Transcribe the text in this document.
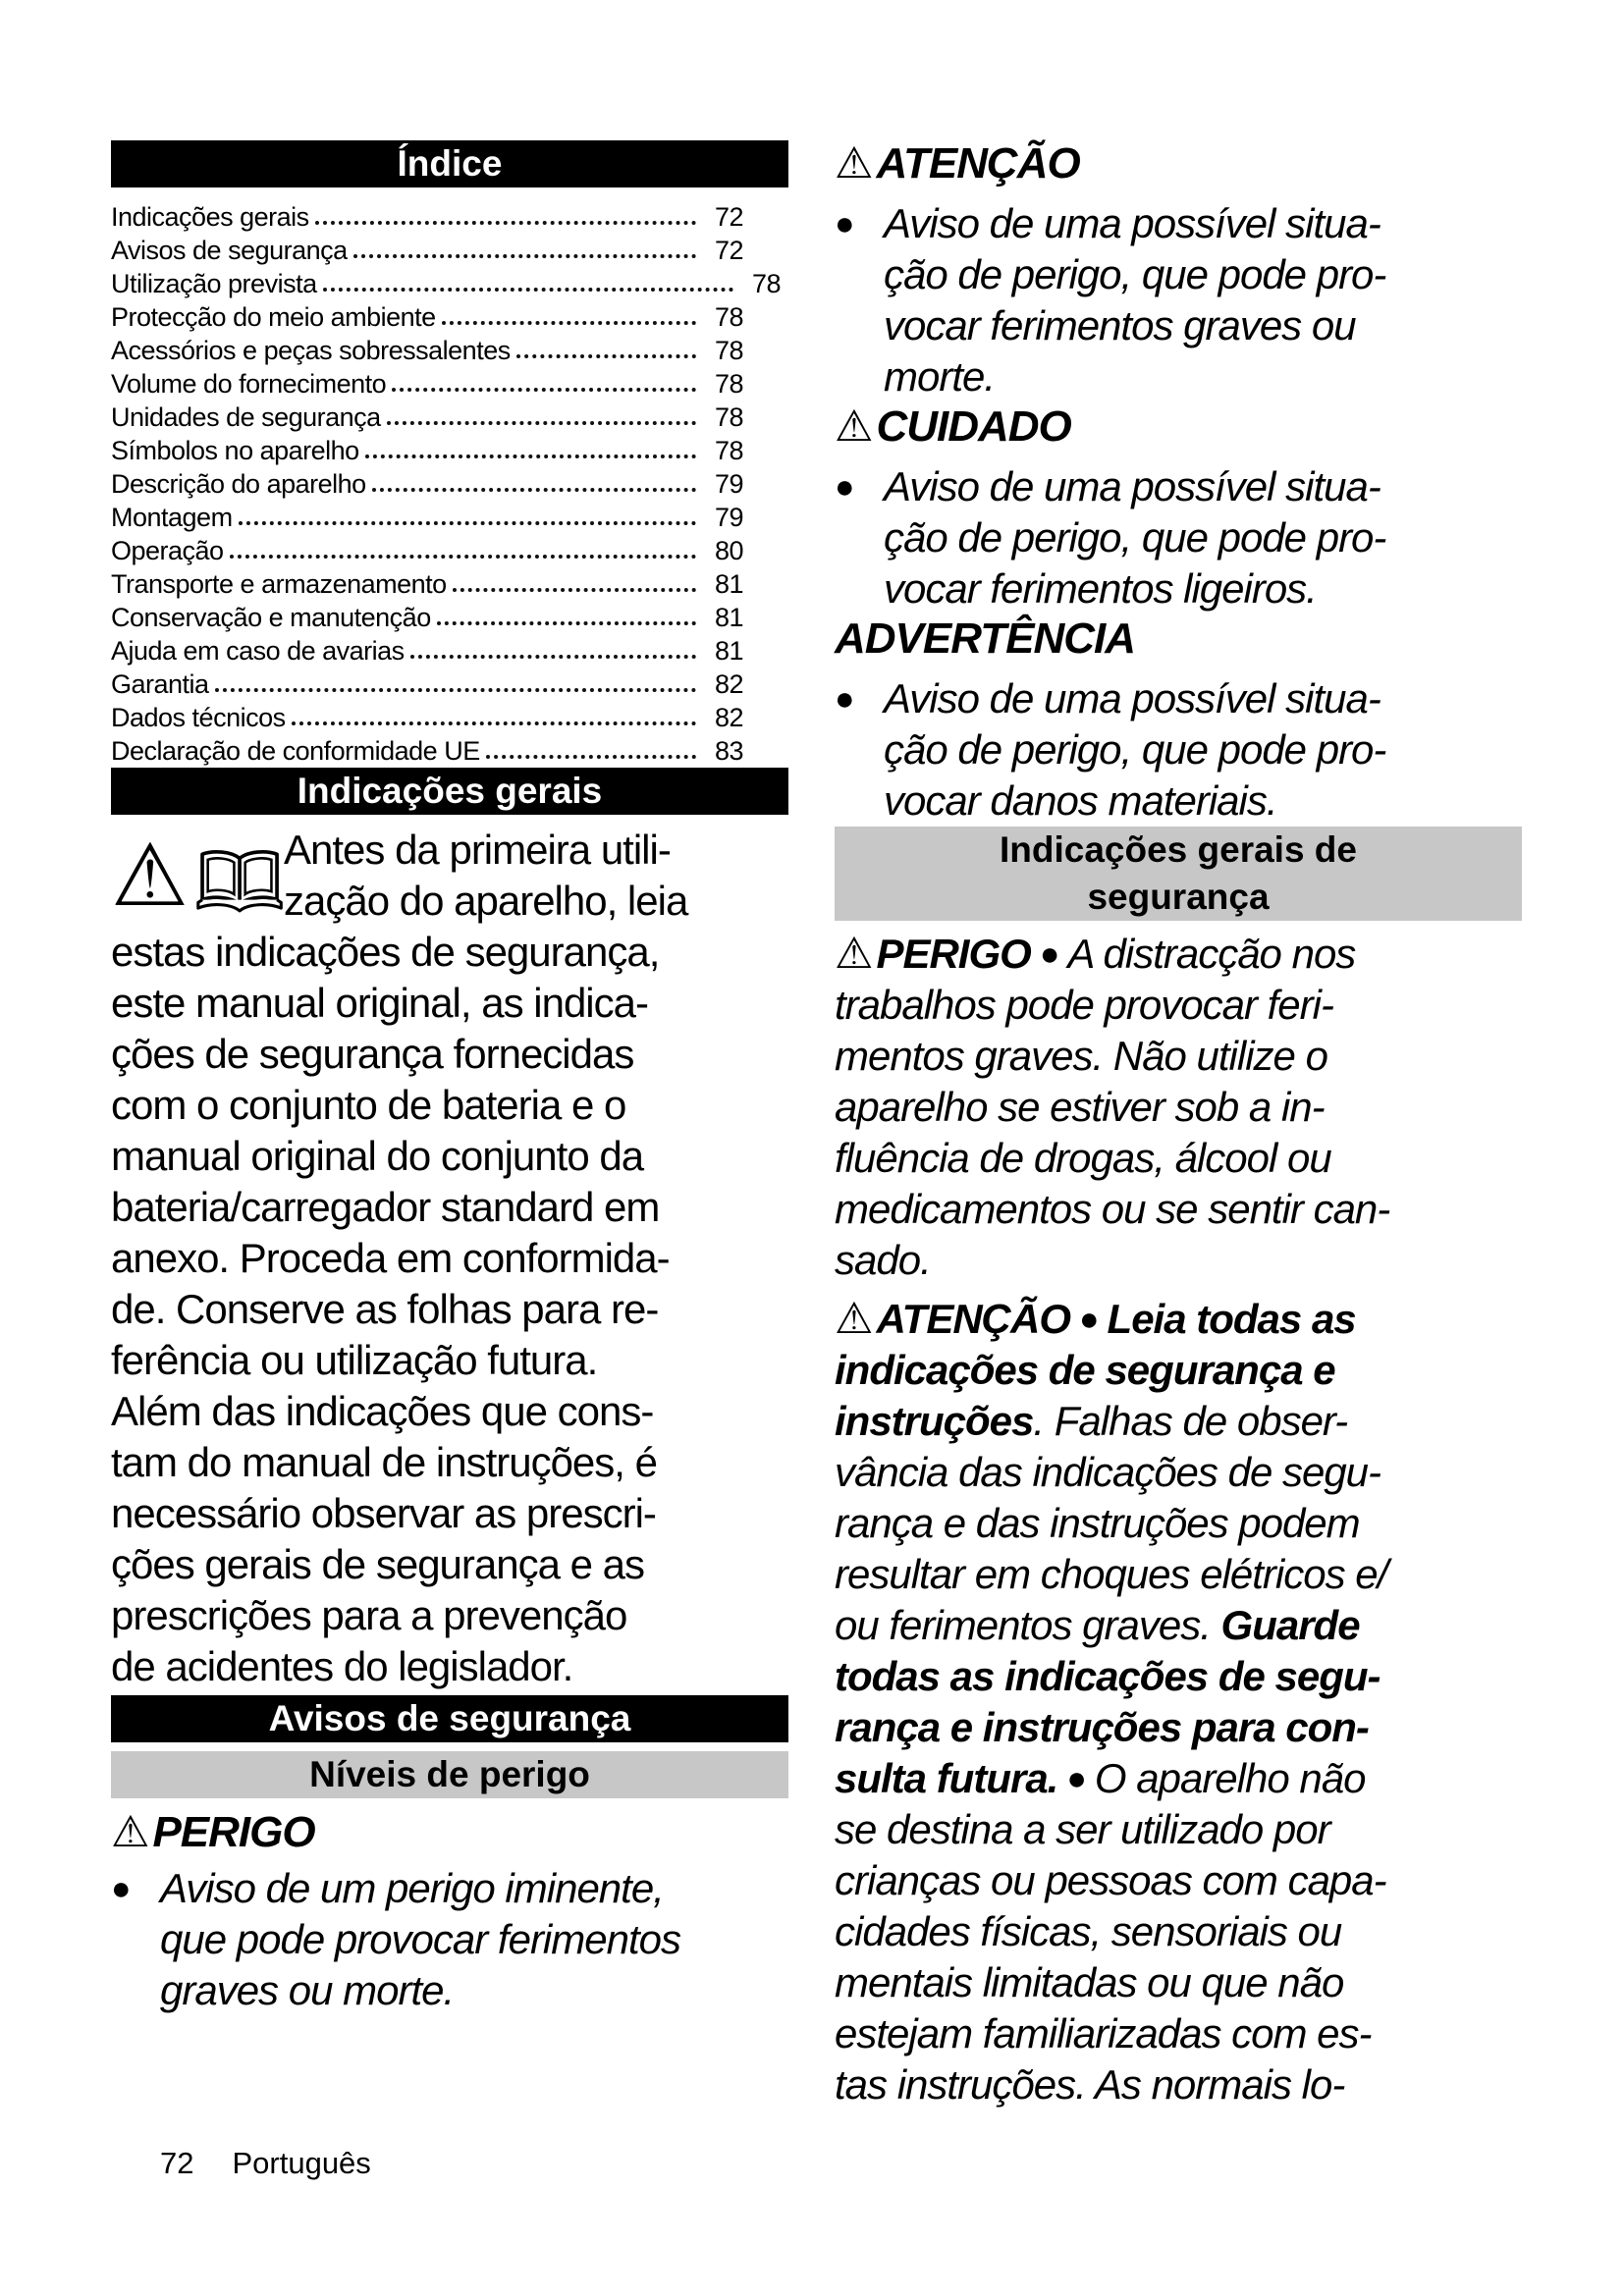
Índice
Indicações gerais	72
Avisos de segurança	72
Utilização prevista	78
Protecção do meio ambiente	78
Acessórios e peças sobressalentes	78
Volume do fornecimento	78
Unidades de segurança	78
Símbolos no aparelho	78
Descrição do aparelho	79
Montagem	79
Operação	80
Transporte e armazenamento	81
Conservação e manutenção	81
Ajuda em caso de avarias	81
Garantia	82
Dados técnicos	82
Declaração de conformidade UE	83
Indicações gerais
⚠	Antes da primeira utili-
zação do aparelho, leia
estas indicações de segurança,
este manual original, as indica-
ções de segurança fornecidas
com o conjunto de bateria e o
manual original do conjunto da
bateria/carregador standard em
anexo. Proceda em conformida-
de. Conserve as folhas para re-
ferência ou utilização futura.
Além das indicações que cons-
tam do manual de instruções, é
necessário observar as prescri-
ções gerais de segurança e as
prescrições para a prevenção
de acidentes do legislador.
Avisos de segurança
Níveis de perigo
⚠PERIGO
● Aviso de um perigo iminente,
que pode provocar ferimentos
graves ou morte.
⚠ATENÇÃO
● Aviso de uma possível situa-
ção de perigo, que pode pro-
vocar ferimentos graves ou
morte.
⚠CUIDADO
● Aviso de uma possível situa-
ção de perigo, que pode pro-
vocar ferimentos ligeiros.
ADVERTÊNCIA
● Aviso de uma possível situa-
ção de perigo, que pode pro-
vocar danos materiais.
Indicações gerais de
segurança
⚠PERIGO ● A distracção nos
trabalhos pode provocar feri-
mentos graves. Não utilize o
aparelho se estiver sob a in-
fluência de drogas, álcool ou
medicamentos ou se sentir can-
sado.
⚠ATENÇÃO ● Leia todas as
indicações de segurança e
instruções. Falhas de obser-
vância das indicações de segu-
rança e das instruções podem
resultar em choques elétricos e/
ou ferimentos graves. Guarde
todas as indicações de segu-
rança e instruções para con-
sulta futura. ● O aparelho não
se destina a ser utilizado por
crianças ou pessoas com capa-
cidades físicas, sensoriais ou
mentais limitadas ou que não
estejam familiarizadas com es-
tas instruções. As normais lo-
72 Português
